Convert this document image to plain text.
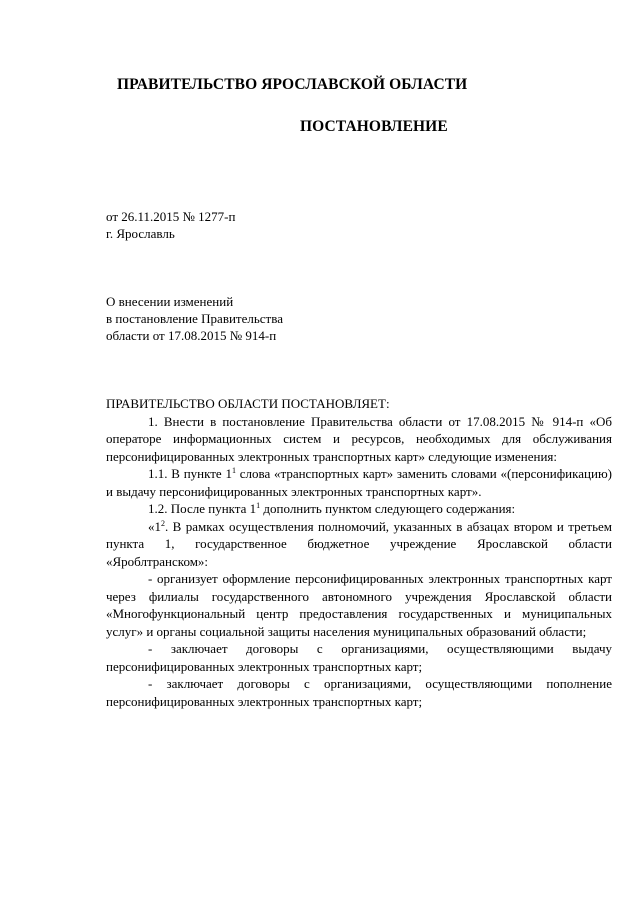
ПРАВИТЕЛЬСТВО ЯРОСЛАВСКОЙ ОБЛАСТИ
ПОСТАНОВЛЕНИЕ
от 26.11.2015 № 1277-п
г. Ярославль
О внесении изменений
в постановление Правительства
области от 17.08.2015 № 914-п

ПРАВИТЕЛЬСТВО ОБЛАСТИ ПОСТАНОВЛЯЕТ:

1. Внести в постановление Правительства области от 17.08.2015 № 914-п «Об операторе информационных систем и ресурсов, необходимых для обслуживания персонифицированных электронных транспортных карт» следующие изменения:

1.1. В пункте $1^1$ слова «транспортных карт» заменить словами «(персонификацию) и выдачу персонифицированных электронных транспортных карт».

1.2. После пункта $1^1$ дополнить пунктом следующего содержания:

«$1^2$. В рамках осуществления полномочий, указанных в абзацах втором и третьем пункта 1, государственное бюджетное учреждение Ярославской области «Яроблтранском»:

- организует оформление персонифицированных электронных транспортных карт через филиалы государственного автономного учреждения Ярославской области «Многофункциональный центр предоставления государственных и муниципальных услуг» и органы социальной защиты населения муниципальных образований области;

- заключает договоры с организациями, осуществляющими выдачу персонифицированных электронных транспортных карт;

- заключает договоры с организациями, осуществляющими пополнение персонифицированных электронных транспортных карт;
